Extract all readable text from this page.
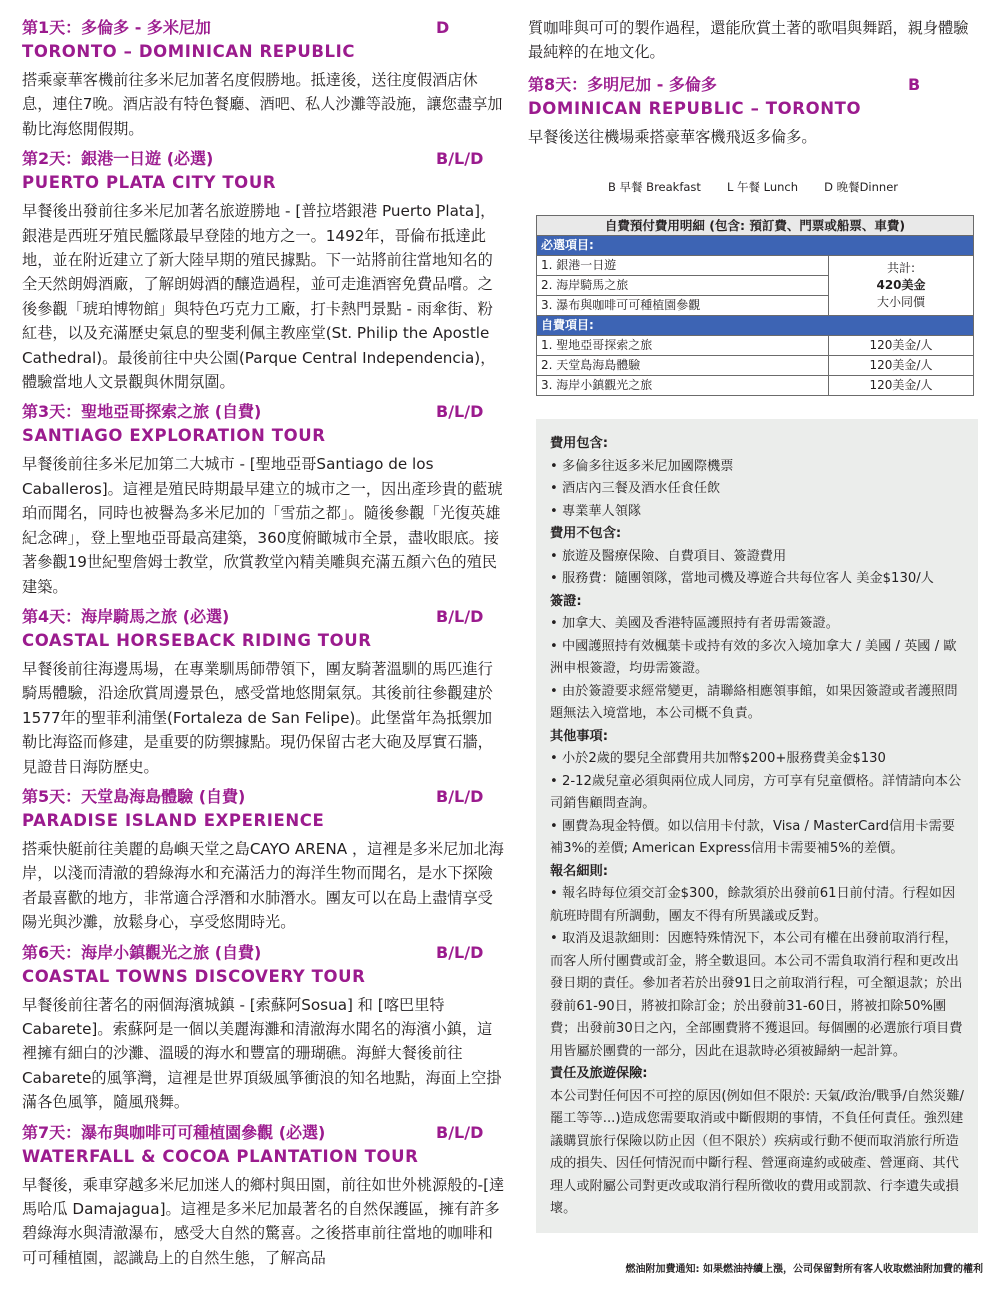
第1天：多倫多 - 多米尼加	D
TORONTO – DOMINICAN REPUBLIC
搭乘豪華客機前往多米尼加著名度假勝地。抵達後，送往度假酒店休息，連住7晚。酒店設有特色餐廳、酒吧、私人沙灘等設施，讓您盡享加勒比海悠閒假期。
第2天：銀港一日遊 (必選)	B/L/D
PUERTO PLATA CITY TOUR
早餐後出發前往多米尼加著名旅遊勝地 - [普拉塔銀港 Puerto Plata]，銀港是西班牙殖民艦隊最早登陸的地方之一。1492年，哥倫布抵達此地，並在附近建立了新大陸早期的殖民據點。下一站將前往當地知名的全天然朗姆酒廠，了解朗姆酒的釀造過程，並可走進酒窖免費品嚐。之後參觀「琥珀博物館」與特色巧克力工廠，打卡熱門景點 - 雨傘街、粉紅巷，以及充滿歷史氣息的聖斐利佩主教座堂(St. Philip the Apostle Cathedral)。最後前往中央公園(Parque Central Independencia)，體驗當地人文景觀與休閒氛圍。
第3天：聖地亞哥探索之旅 (自費)	B/L/D
SANTIAGO EXPLORATION TOUR
早餐後前往多米尼加第二大城市 - [聖地亞哥Santiago de los Caballeros]。這裡是殖民時期最早建立的城市之一，因出產珍貴的藍琥珀而聞名，同時也被譽為多米尼加的「雪茄之都」。隨後參觀「光復英雄紀念碑」，登上聖地亞哥最高建築，360度俯瞰城市全景，盡收眼底。接著參觀19世紀聖詹姆士教堂，欣賞教堂內精美雕與充滿五顏六色的殖民建築。
第4天：海岸騎馬之旅 (必選)	B/L/D
COASTAL HORSEBACK RIDING TOUR
早餐後前往海邊馬場，在專業馴馬師帶領下，團友騎著溫馴的馬匹進行騎馬體驗，沿途欣賞周邊景色，感受當地悠閒氣氛。其後前往參觀建於1577年的聖菲利浦堡(Fortaleza de San Felipe)。此堡當年為抵禦加勒比海盜而修建，是重要的防禦據點。現仍保留古老大砲及厚實石牆，見證昔日海防歷史。
第5天：天堂島海島體驗 (自費)	B/L/D
PARADISE ISLAND EXPERIENCE
搭乘快艇前往美麗的島嶼天堂之島CAYO ARENA ，這裡是多米尼加北海岸，以淺而清澈的碧綠海水和充滿活力的海洋生物而聞名，是水下探險者最喜歡的地方，非常適合浮潛和水肺潛水。團友可以在島上盡情享受陽光與沙灘，放鬆身心，享受悠閒時光。
第6天：海岸小鎮觀光之旅 (自費)	B/L/D
COASTAL TOWNS DISCOVERY TOUR
早餐後前往著名的兩個海濱城鎮 - [索蘇阿Sosua] 和 [喀巴里特Cabarete]。索蘇阿是一個以美麗海灘和清澈海水聞名的海濱小鎮，這裡擁有細白的沙灘、溫暖的海水和豐富的珊瑚礁。海鮮大餐後前往Cabarete的風箏灣，這裡是世界頂級風箏衝浪的知名地點，海面上空掛滿各色風箏，隨風飛舞。
第7天：瀑布與咖啡可可種植園參觀 (必選)	B/L/D
WATERFALL & COCOA PLANTATION TOUR
早餐後，乘車穿越多米尼加迷人的鄉村與田園，前往如世外桃源般的-[達馬哈瓜 Damajagua]。這裡是多米尼加最著名的自然保護區，擁有許多碧綠海水與清澈瀑布，感受大自然的驚喜。之後搭車前往當地的咖啡和可可種植園，認識島上的自然生態，了解高品
質咖啡與可可的製作過程，還能欣賞土著的歌唱與舞蹈，親身體驗最純粹的在地文化。
第8天：多明尼加 - 多倫多	B
DOMINICAN REPUBLIC – TORONTO
早餐後送往機場乘搭豪華客機飛返多倫多。
B 早餐 Breakfast L 午餐 Lunch D 晚餐Dinner
自費預付費用明細 (包含: 預訂費、門票或船票、車費)	
必選項目:	
1. 銀港一日遊	共計:
420美金
大小同價

2. 海岸騎馬之旅	
3. 瀑布與咖啡可可種植園參觀	
自費項目:	
1. 聖地亞哥探索之旅	120美金/人
2. 天堂島海島體驗	120美金/人
3. 海岸小鎮觀光之旅	120美金/人
費用包含:
• 多倫多往返多米尼加國際機票
• 酒店內三餐及酒水任食任飲
• 專業華人領隊
費用不包含:
• 旅遊及醫療保險、自費項目、簽證費用
• 服務費：隨團領隊，當地司機及導遊合共每位客人 美金$130/人
簽證:
• 加拿大、美國及香港特區護照持有者毋需簽證。
• 中國護照持有效楓葉卡或持有效的多次入境加拿大 / 美國 / 英國 / 歐洲申根簽證，均毋需簽證。
• 由於簽證要求經常變更，請聯絡相應領事館，如果因簽證或者護照問題無法入境當地，本公司概不負責。
其他事項:
• 小於2歲的嬰兒全部費用共加幣$200+服務費美金$130
• 2-12歲兒童必須與兩位成人同房，方可享有兒童價格。詳情請向本公司銷售顧問查詢。
• 團費為現金特價。如以信用卡付款，Visa / MasterCard信用卡需要補3%的差價; American Express信用卡需要補5%的差價。
報名細則:
• 報名時每位須交訂金$300，餘款須於出發前61日前付清。行程如因航班時間有所調動，團友不得有所異議或反對。
• 取消及退款細則：因應特殊情況下，本公司有權在出發前取消行程，而客人所付團費或訂金，將全數退回。本公司不需負取消行程和更改出發日期的責任。參加者若於出發91日之前取消行程，可全額退款；於出發前61-90日，將被扣除訂金；於出發前31-60日，將被扣除50%團費；出發前30日之內，全部團費將不獲退回。每個團的必選旅行項目費用皆屬於團費的一部分，因此在退款時必須被歸納一起計算。
責任及旅遊保險:
本公司對任何因不可控的原因(例如但不限於: 天氣/政治/戰爭/自然災難/罷工等等...)造成您需要取消或中斷假期的事情，不負任何責任。強烈建議購買旅行保險以防止因（但不限於）疾病或行動不便而取消旅行所造成的損失、因任何情況而中斷行程、營運商違約或破產、營運商、其代理人或附屬公司對更改或取消行程所徵收的費用或罰款、行李遺失或損壞。
燃油附加費通知: 如果燃油持續上漲，公司保留對所有客人收取燃油附加費的權利
